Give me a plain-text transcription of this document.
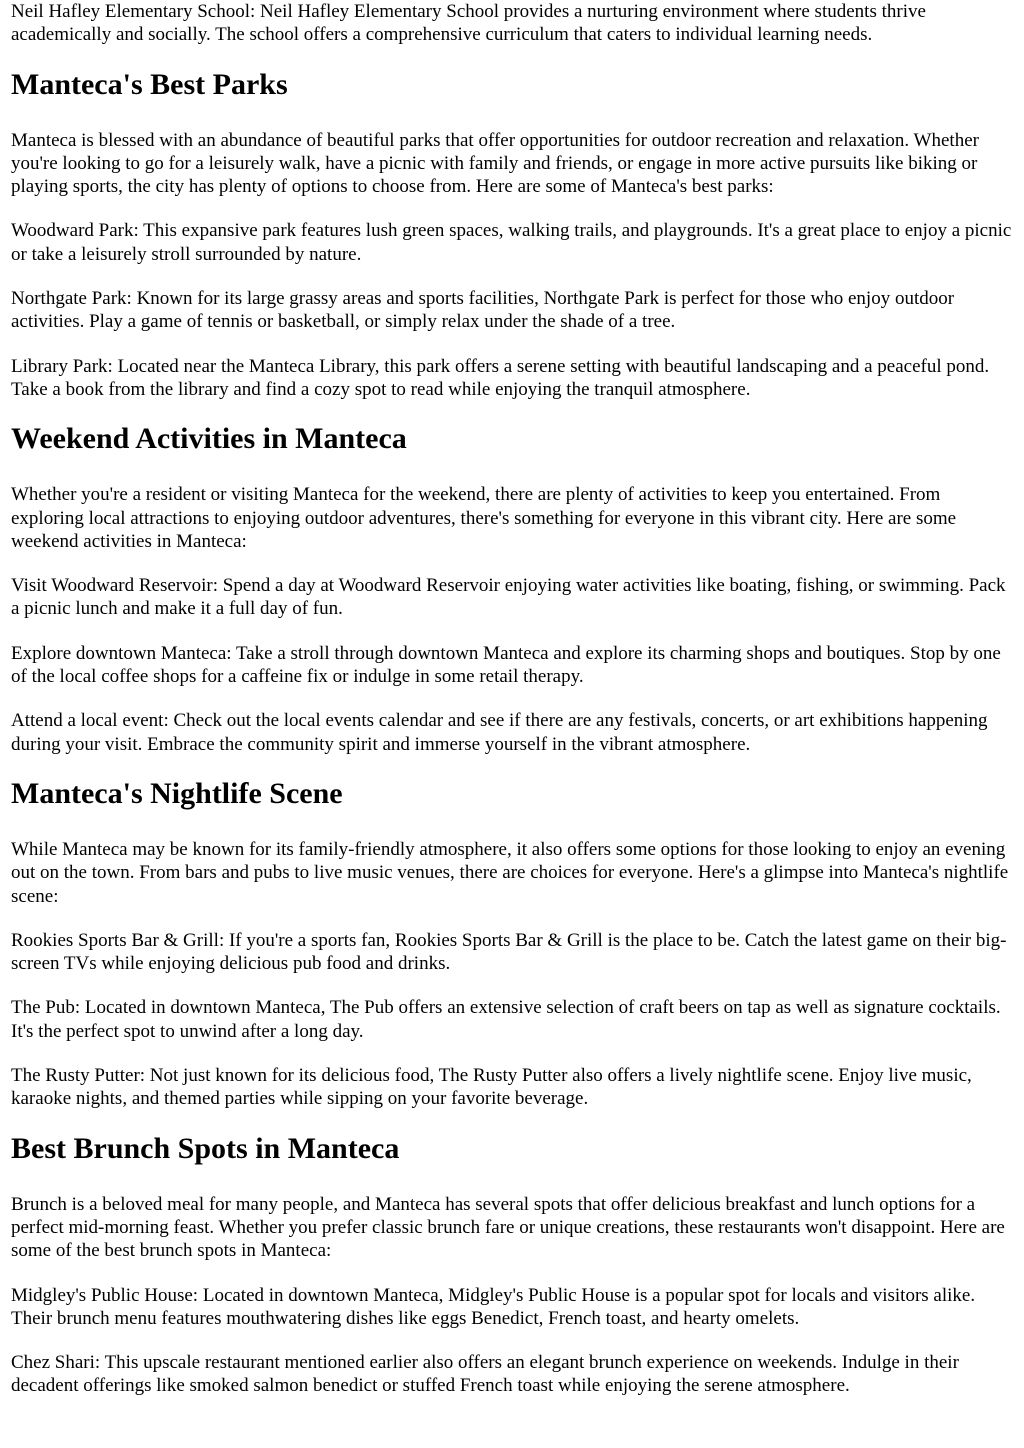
Neil Hafley Elementary School: Neil Hafley Elementary School provides a nurturing environment where students thrive academically and socially. The school offers a comprehensive curriculum that caters to individual learning needs.

Manteca's Best Parks

Manteca is blessed with an abundance of beautiful parks that offer opportunities for outdoor recreation and relaxation. Whether you're looking to go for a leisurely walk, have a picnic with family and friends, or engage in more active pursuits like biking or playing sports, the city has plenty of options to choose from. Here are some of Manteca's best parks:

Woodward Park: This expansive park features lush green spaces, walking trails, and playgrounds. It's a great place to enjoy a picnic or take a leisurely stroll surrounded by nature.

Northgate Park: Known for its large grassy areas and sports facilities, Northgate Park is perfect for those who enjoy outdoor activities. Play a game of tennis or basketball, or simply relax under the shade of a tree.

Library Park: Located near the Manteca Library, this park offers a serene setting with beautiful landscaping and a peaceful pond. Take a book from the library and find a cozy spot to read while enjoying the tranquil atmosphere.

Weekend Activities in Manteca

Whether you're a resident or visiting Manteca for the weekend, there are plenty of activities to keep you entertained. From exploring local attractions to enjoying outdoor adventures, there's something for everyone in this vibrant city. Here are some weekend activities in Manteca:

Visit Woodward Reservoir: Spend a day at Woodward Reservoir enjoying water activities like boating, fishing, or swimming. Pack a picnic lunch and make it a full day of fun.

Explore downtown Manteca: Take a stroll through downtown Manteca and explore its charming shops and boutiques. Stop by one of the local coffee shops for a caffeine fix or indulge in some retail therapy.

Attend a local event: Check out the local events calendar and see if there are any festivals, concerts, or art exhibitions happening during your visit. Embrace the community spirit and immerse yourself in the vibrant atmosphere.

Manteca's Nightlife Scene

While Manteca may be known for its family-friendly atmosphere, it also offers some options for those looking to enjoy an evening out on the town. From bars and pubs to live music venues, there are choices for everyone. Here's a glimpse into Manteca's nightlife scene:

Rookies Sports Bar & Grill: If you're a sports fan, Rookies Sports Bar & Grill is the place to be. Catch the latest game on their big-screen TVs while enjoying delicious pub food and drinks.

The Pub: Located in downtown Manteca, The Pub offers an extensive selection of craft beers on tap as well as signature cocktails. It's the perfect spot to unwind after a long day.

The Rusty Putter: Not just known for its delicious food, The Rusty Putter also offers a lively nightlife scene. Enjoy live music, karaoke nights, and themed parties while sipping on your favorite beverage.

Best Brunch Spots in Manteca

Brunch is a beloved meal for many people, and Manteca has several spots that offer delicious breakfast and lunch options for a perfect mid-morning feast. Whether you prefer classic brunch fare or unique creations, these restaurants won't disappoint. Here are some of the best brunch spots in Manteca:

Midgley's Public House: Located in downtown Manteca, Midgley's Public House is a popular spot for locals and visitors alike. Their brunch menu features mouthwatering dishes like eggs Benedict, French toast, and hearty omelets.

Chez Shari: This upscale restaurant mentioned earlier also offers an elegant brunch experience on weekends. Indulge in their decadent offerings like smoked salmon benedict or stuffed French toast while enjoying the serene atmosphere.
